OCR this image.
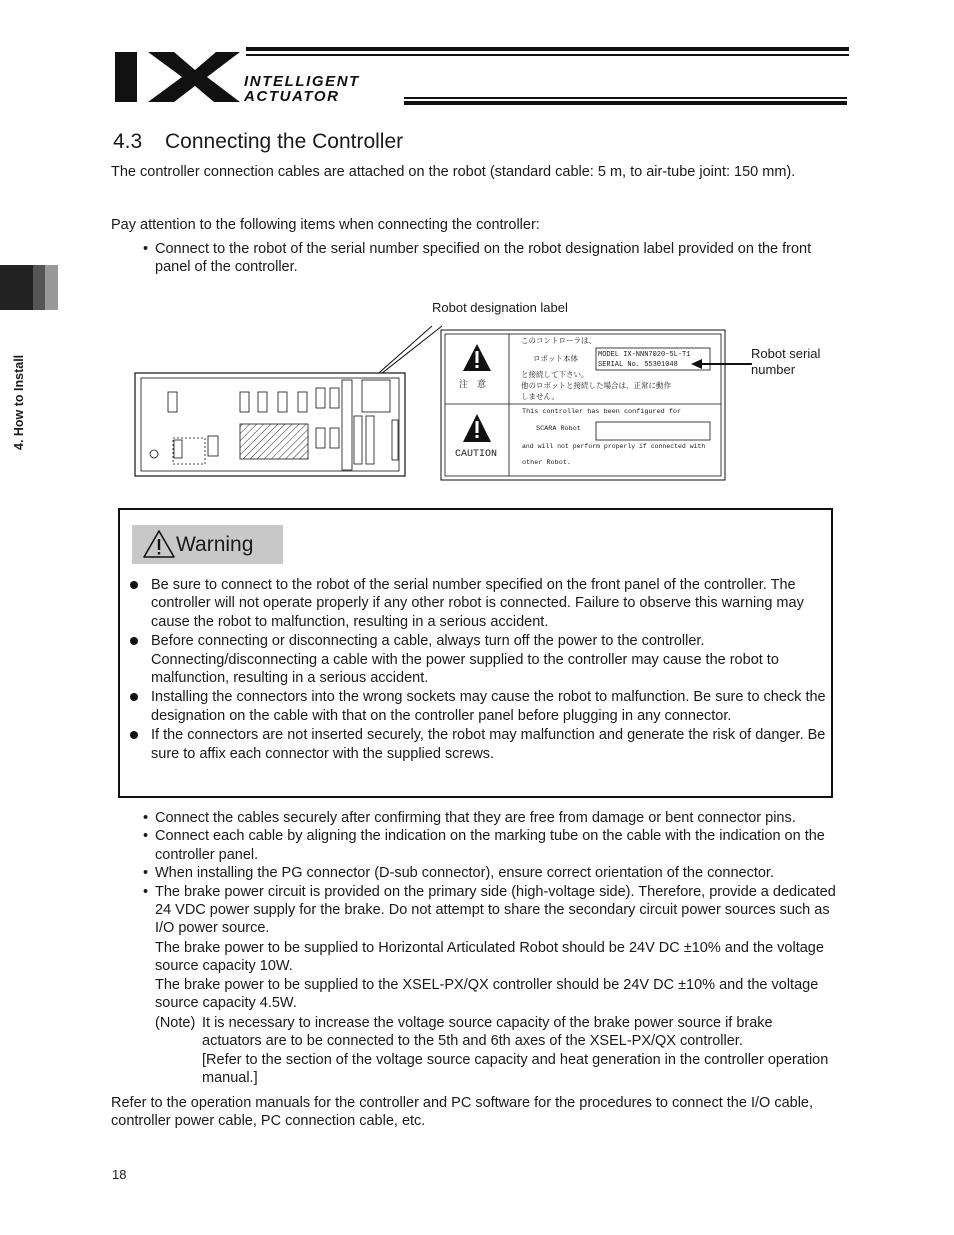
INTELLIGENT
ACTUATOR
4. How to Install
4.3 Connecting the Controller
The controller connection cables are attached on the robot (standard cable: 5 m, to air-tube joint: 150 mm).
Pay attention to the following items when connecting the controller:
• Connect to the robot of the serial number specified on the robot designation label provided on the front panel of the controller.
Robot designation label
Robot serial number
このコントローラは、
ロボット本体	MODEL IX-NNN7020-5L-T1
SERIAL No. 55301048
と接続して下さい。
他のロボットと接続した場合は、正常に動作
しません。
注　意
CAUTION
This controller has been configured for
SCARA Robot
and will not perform properly if connected with
other Robot.
Warning
Be sure to connect to the robot of the serial number specified on the front panel of the controller. The controller will not operate properly if any other robot is connected. Failure to observe this warning may cause the robot to malfunction, resulting in a serious accident.
Before connecting or disconnecting a cable, always turn off the power to the controller. Connecting/disconnecting a cable with the power supplied to the controller may cause the robot to malfunction, resulting in a serious accident.
Installing the connectors into the wrong sockets may cause the robot to malfunction. Be sure to check the designation on the cable with that on the controller panel before plugging in any connector.
If the connectors are not inserted securely, the robot may malfunction and generate the risk of danger. Be sure to affix each connector with the supplied screws.
• Connect the cables securely after confirming that they are free from damage or bent connector pins.
• Connect each cable by aligning the indication on the marking tube on the cable with the indication on the controller panel.
• When installing the PG connector (D-sub connector), ensure correct orientation of the connector.
• The brake power circuit is provided on the primary side (high-voltage side). Therefore, provide a dedicated 24 VDC power supply for the brake. Do not attempt to share the secondary circuit power sources such as I/O power source.
The brake power to be supplied to Horizontal Articulated Robot should be 24V DC ±10% and the voltage source capacity 10W.
The brake power to be supplied to the XSEL-PX/QX controller should be 24V DC ±10% and the voltage source capacity 4.5W.
(Note) It is necessary to increase the voltage source capacity of the brake power source if brake actuators are to be connected to the 5th and 6th axes of the XSEL-PX/QX controller.
[Refer to the section of the voltage source capacity and heat generation in the controller operation manual.]
Refer to the operation manuals for the controller and PC software for the procedures to connect the I/O cable, controller power cable, PC connection cable, etc.
18
